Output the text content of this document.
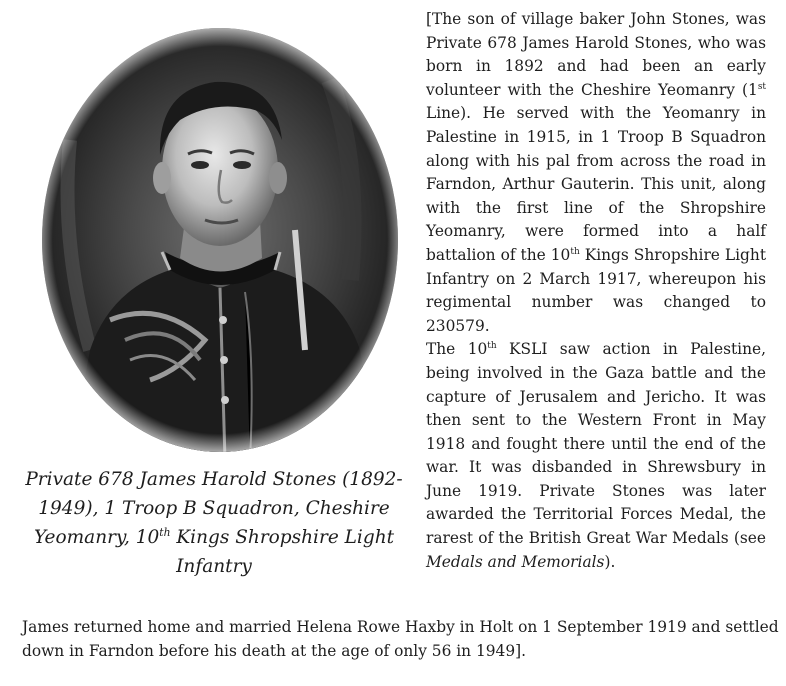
Private 678 James Harold Stones (1892-
1949), 1 Troop B Squadron, Cheshire
Yeomanry, 10th Kings Shropshire Light
Infantry

[The son of village baker John Stones, was Private 678 James Harold Stones, who was born in 1892 and had been an early volunteer with the Cheshire Yeomanry (1st Line). He served with the Yeomanry in Palestine in 1915, in 1 Troop B Squadron along with his pal from across the road in Farndon, Arthur Gauterin. This unit, along with the first line of the Shropshire Yeomanry, were formed into a half battalion of the 10th Kings Shropshire Light Infantry on 2 March 1917, whereupon his regimental number was changed to 230579.

The 10th KSLI saw action in Palestine, being involved in the Gaza battle and the capture of Jerusalem and Jericho. It was then sent to the Western Front in May 1918 and fought there until the end of the war. It was disbanded in Shrewsbury in June 1919. Private Stones was later awarded the Territorial Forces Medal, the rarest of the British Great War Medals (see Medals and Memorials).

James returned home and married Helena Rowe Haxby in Holt on 1 September 1919 and settled
down in Farndon before his death at the age of only 56 in 1949].
